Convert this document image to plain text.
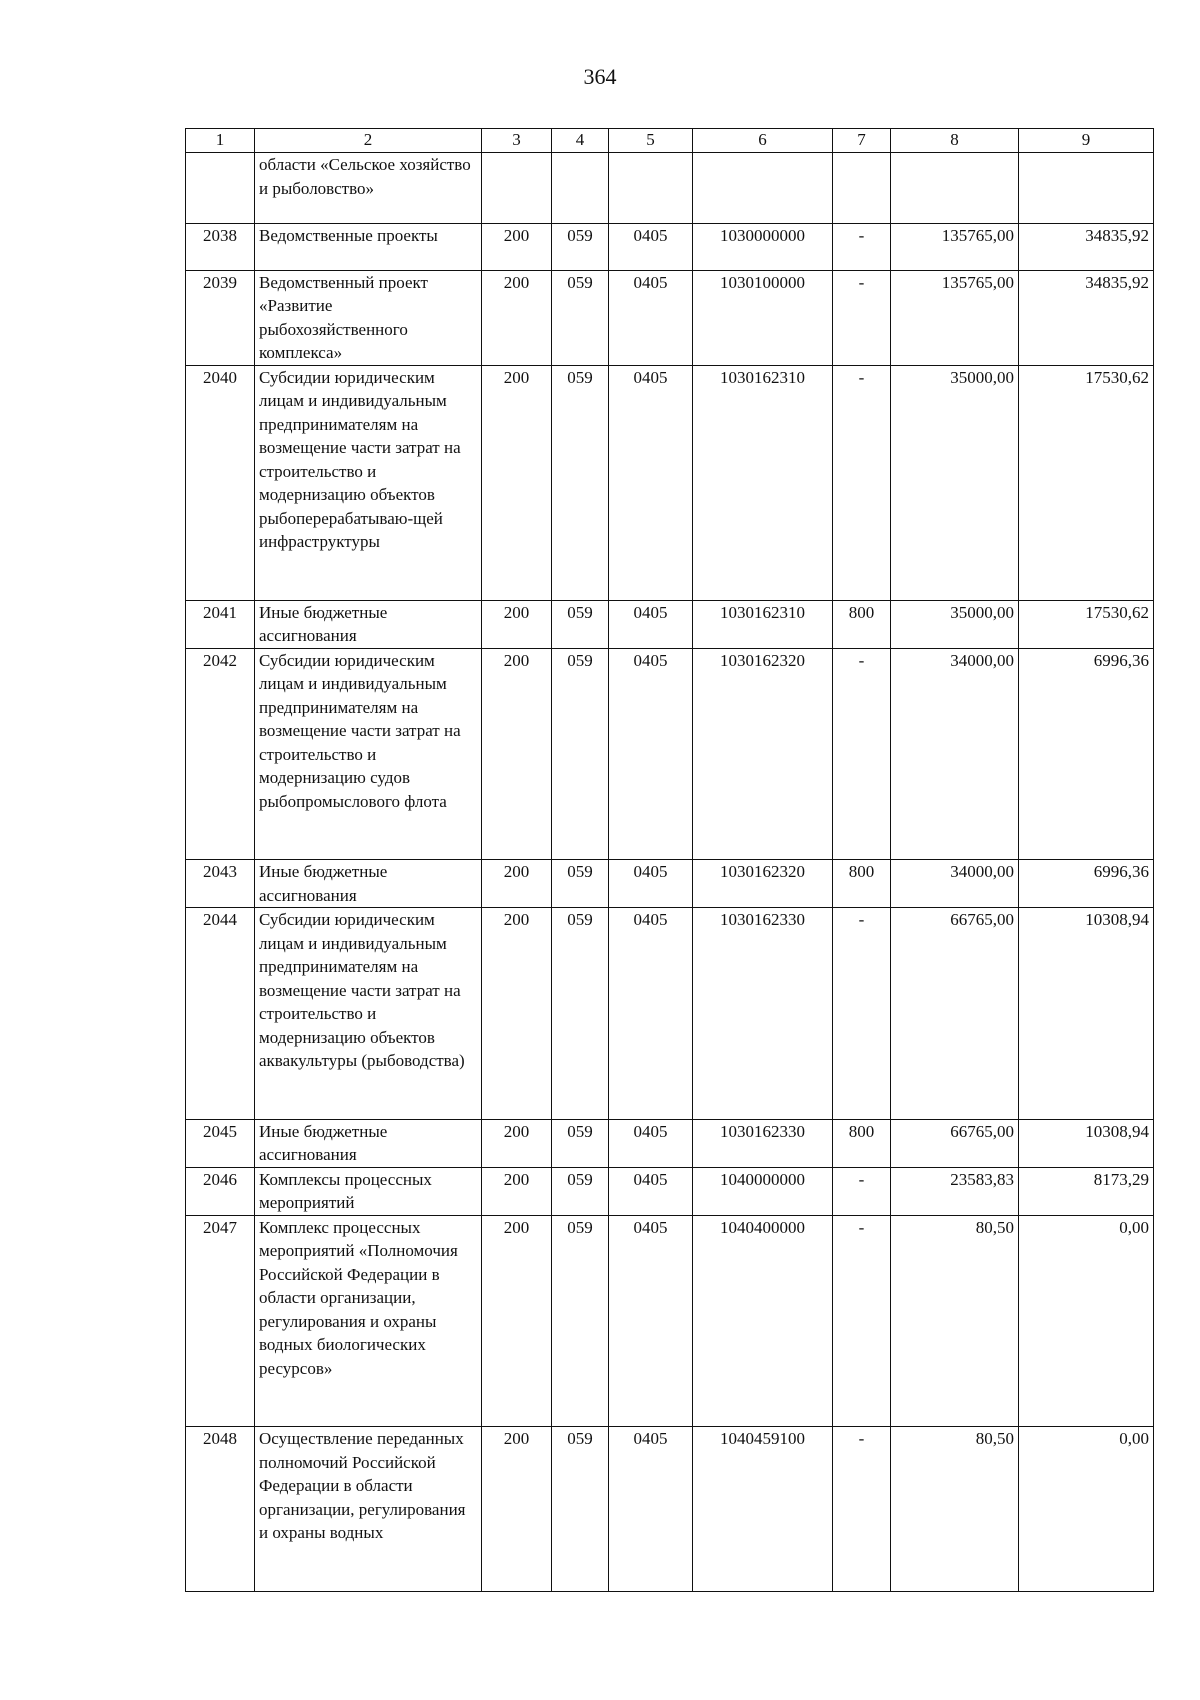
364
1	2	3	4	5	6	7	8	9
	области «Сельское хозяйство и рыболовство»							
2038	Ведомственные проекты	200	059	0405	1030000000	-	135765,00	34835,92
2039	Ведомственный проект «Развитие рыбохозяйственного комплекса»	200	059	0405	1030100000	-	135765,00	34835,92
2040	Субсидии юридическим лицам и индивидуальным предпринимателям на возмещение части затрат на строительство и модернизацию объектов рыбоперерабатываю-щей инфраструктуры	200	059	0405	1030162310	-	35000,00	17530,62
2041	Иные бюджетные ассигнования	200	059	0405	1030162310	800	35000,00	17530,62
2042	Субсидии юридическим лицам и индивидуальным предпринимателям на возмещение части затрат на строительство и модернизацию судов рыбопромыслового флота	200	059	0405	1030162320	-	34000,00	6996,36
2043	Иные бюджетные ассигнования	200	059	0405	1030162320	800	34000,00	6996,36
2044	Субсидии юридическим лицам и индивидуальным предпринимателям на возмещение части затрат на строительство и модернизацию объектов аквакультуры (рыбоводства)	200	059	0405	1030162330	-	66765,00	10308,94
2045	Иные бюджетные ассигнования	200	059	0405	1030162330	800	66765,00	10308,94
2046	Комплексы процессных мероприятий	200	059	0405	1040000000	-	23583,83	8173,29
2047	Комплекс процессных мероприятий «Полномочия Российской Федерации в области организации, регулирования и охраны водных биологических ресурсов»	200	059	0405	1040400000	-	80,50	0,00
2048	Осуществление переданных полномочий Российской Федерации в области организации, регулирования и охраны водных	200	059	0405	1040459100	-	80,50	0,00
